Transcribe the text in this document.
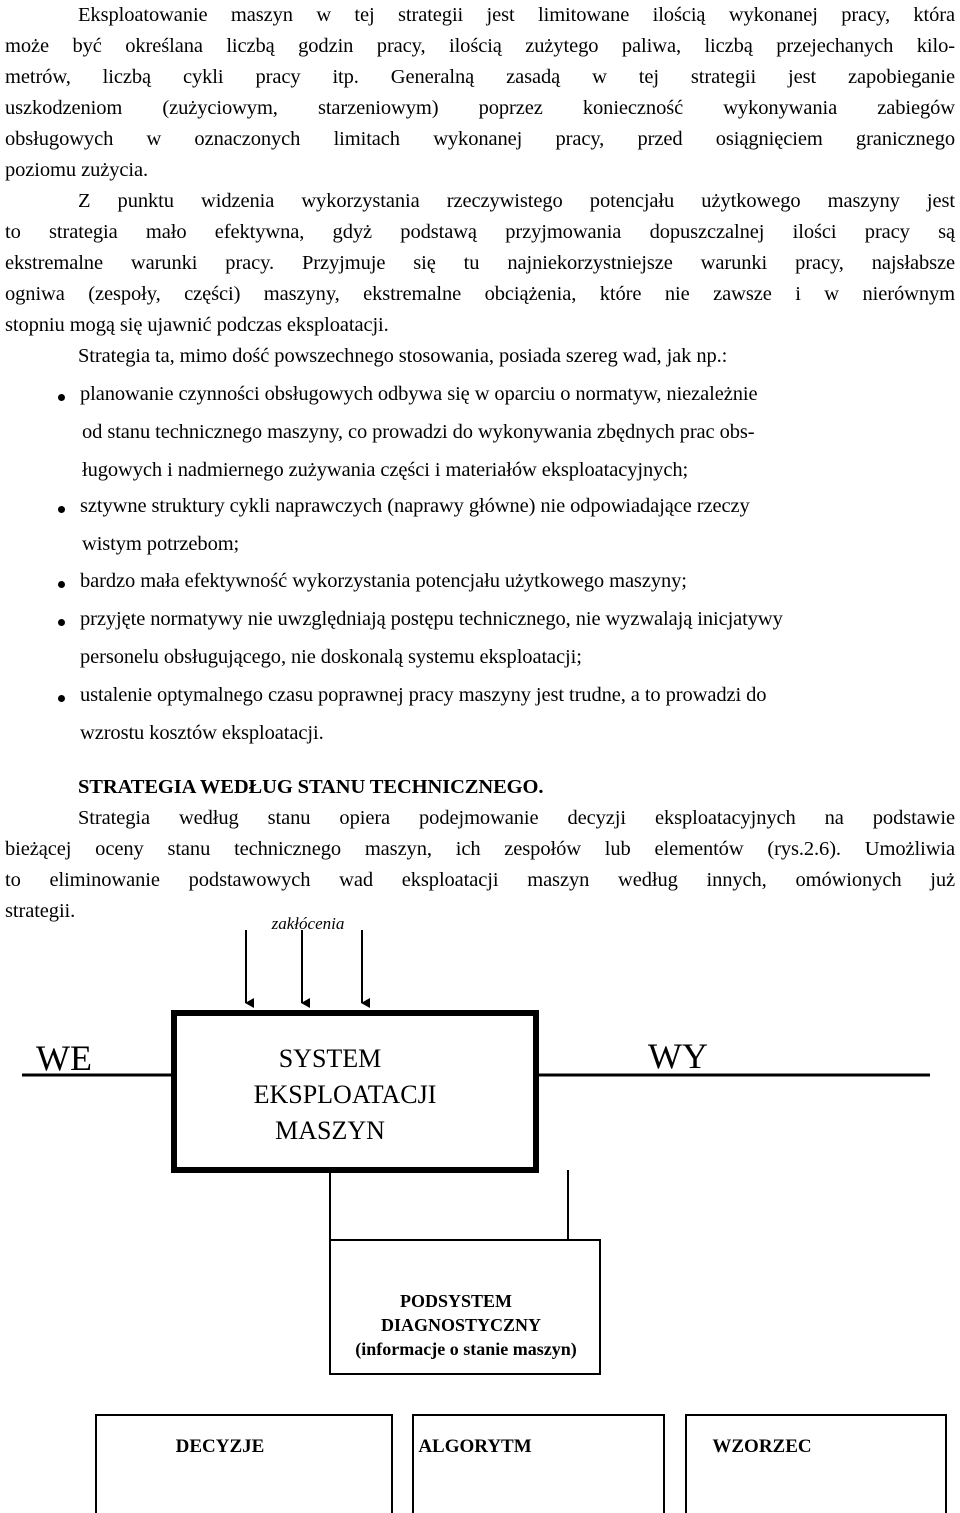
Eksploatowanie maszyn w tej strategii jest limitowane ilością wykonanej pracy, która
może być określana liczbą godzin pracy, ilością zużytego paliwa, liczbą przejechanych kilo-
metrów, liczbą cykli pracy itp. Generalną zasadą w tej strategii jest zapobieganie
uszkodzeniom (zużyciowym, starzeniowym) poprzez konieczność wykonywania zabiegów
obsługowych w oznaczonych limitach wykonanej pracy, przed osiągnięciem granicznego
poziomu zużycia.
Z punktu widzenia wykorzystania rzeczywistego potencjału użytkowego maszyny jest
to strategia mało efektywna, gdyż podstawą przyjmowania dopuszczalnej ilości pracy są
ekstremalne warunki pracy. Przyjmuje się tu najniekorzystniejsze warunki pracy, najsłabsze
ogniwa (zespoły, części) maszyny, ekstremalne obciążenia, które nie zawsze i w nierównym
stopniu mogą się ujawnić podczas eksploatacji.
Strategia ta, mimo dość powszechnego stosowania, posiada szereg wad, jak np.:
planowanie czynności obsługowych odbywa się w oparciu o normatyw, niezależnie
od stanu technicznego maszyny, co prowadzi do wykonywania zbędnych prac obs-
ługowych i nadmiernego zużywania części i materiałów eksploatacyjnych;
sztywne struktury cykli naprawczych (naprawy główne) nie odpowiadające rzeczy
wistym potrzebom;
bardzo mała efektywność wykorzystania potencjału użytkowego maszyny;
przyjęte normatywy nie uwzględniają postępu technicznego, nie wyzwalają inicjatywy
personelu obsługującego, nie doskonalą systemu eksploatacji;
ustalenie optymalnego czasu poprawnej pracy maszyny jest trudne, a to prowadzi do
wzrostu kosztów eksploatacji.
STRATEGIA WEDŁUG STANU TECHNICZNEGO.
Strategia według stanu opiera podejmowanie decyzji eksploatacyjnych na podstawie
bieżącej oceny stanu technicznego maszyn, ich zespołów lub elementów (rys.2.6). Umożliwia
to eliminowanie podstawowych wad eksploatacji maszyn według innych, omówionych już
strategii.
zakłócenia
SYSTEM
EKSPLOATACJI
MASZYN
WE	WY
PODSYSTEM
DIAGNOSTYCZNY
(informacje o stanie maszyn)
DECYZJE	ALGORYTM	WZORZEC
